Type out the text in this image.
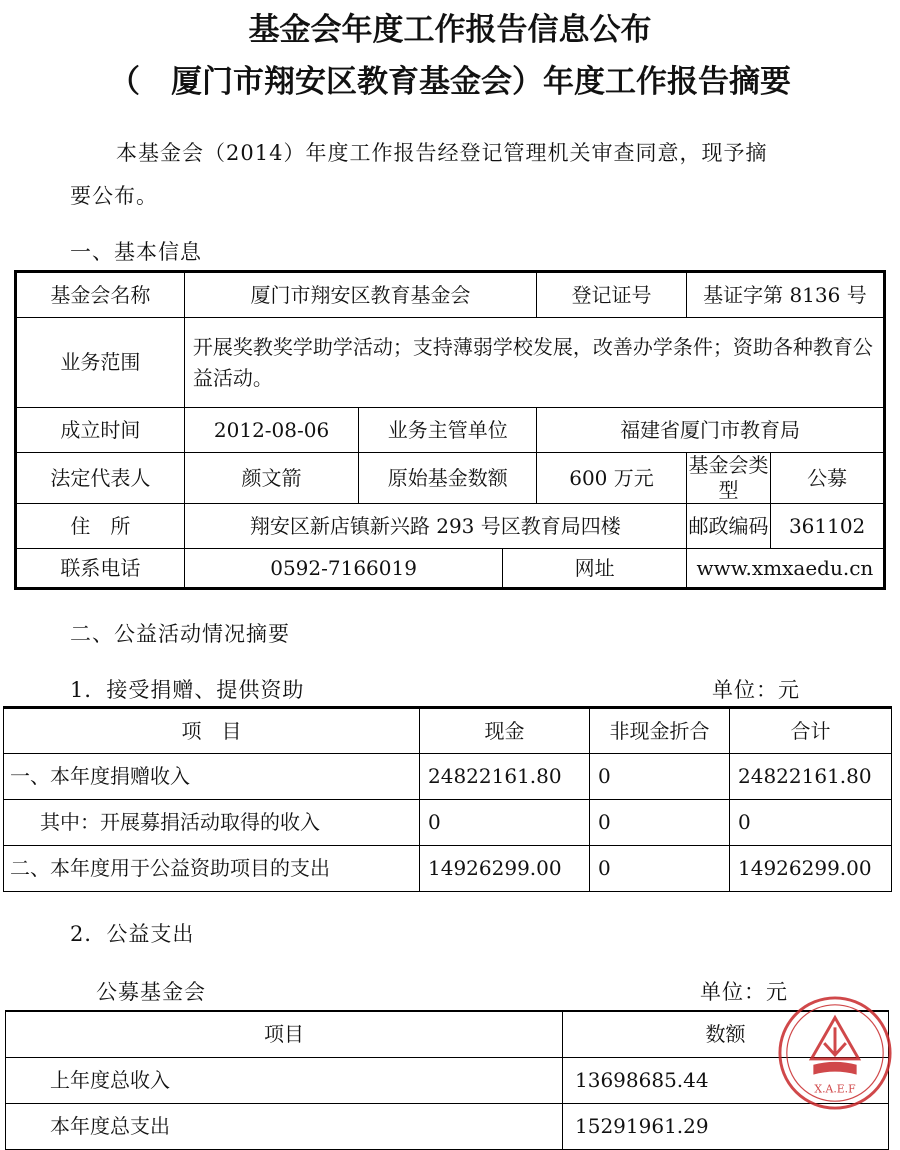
基金会年度工作报告信息公布
（　厦门市翔安区教育基金会）年度工作报告摘要
本基金会（2014）年度工作报告经登记管理机关审查同意，现予摘
要公布。
一、基本信息
基金会名称	厦门市翔安区教育基金会			登记证号	基证字第 8136 号	
业务范围	开展奖教奖学助学活动；支持薄弱学校发展，改善办学条件；资助各种教育公益活动。					
成立时间	2012-08-06	业务主管单位		福建省厦门市教育局		
法定代表人	颜文箭	原始基金数额		600 万元	基金会类型	公募
住　所	翔安区新店镇新兴路 293 号区教育局四楼				邮政编码	361102
联系电话	0592-7166019		网址		www.xmxaedu.cn	
二、公益活动情况摘要
1．接受捐赠、提供资助	单位：元
项　目	现金	非现金折合	合计
一、本年度捐赠收入	24822161.80	0	24822161.80
其中：开展募捐活动取得的收入	0	0	0
二、本年度用于公益资助项目的支出	14926299.00	0	14926299.00
2．公益支出
公募基金会	单位：元
项目	数额
上年度总收入	13698685.44
本年度总支出	15291961.29
X.A.E.F
